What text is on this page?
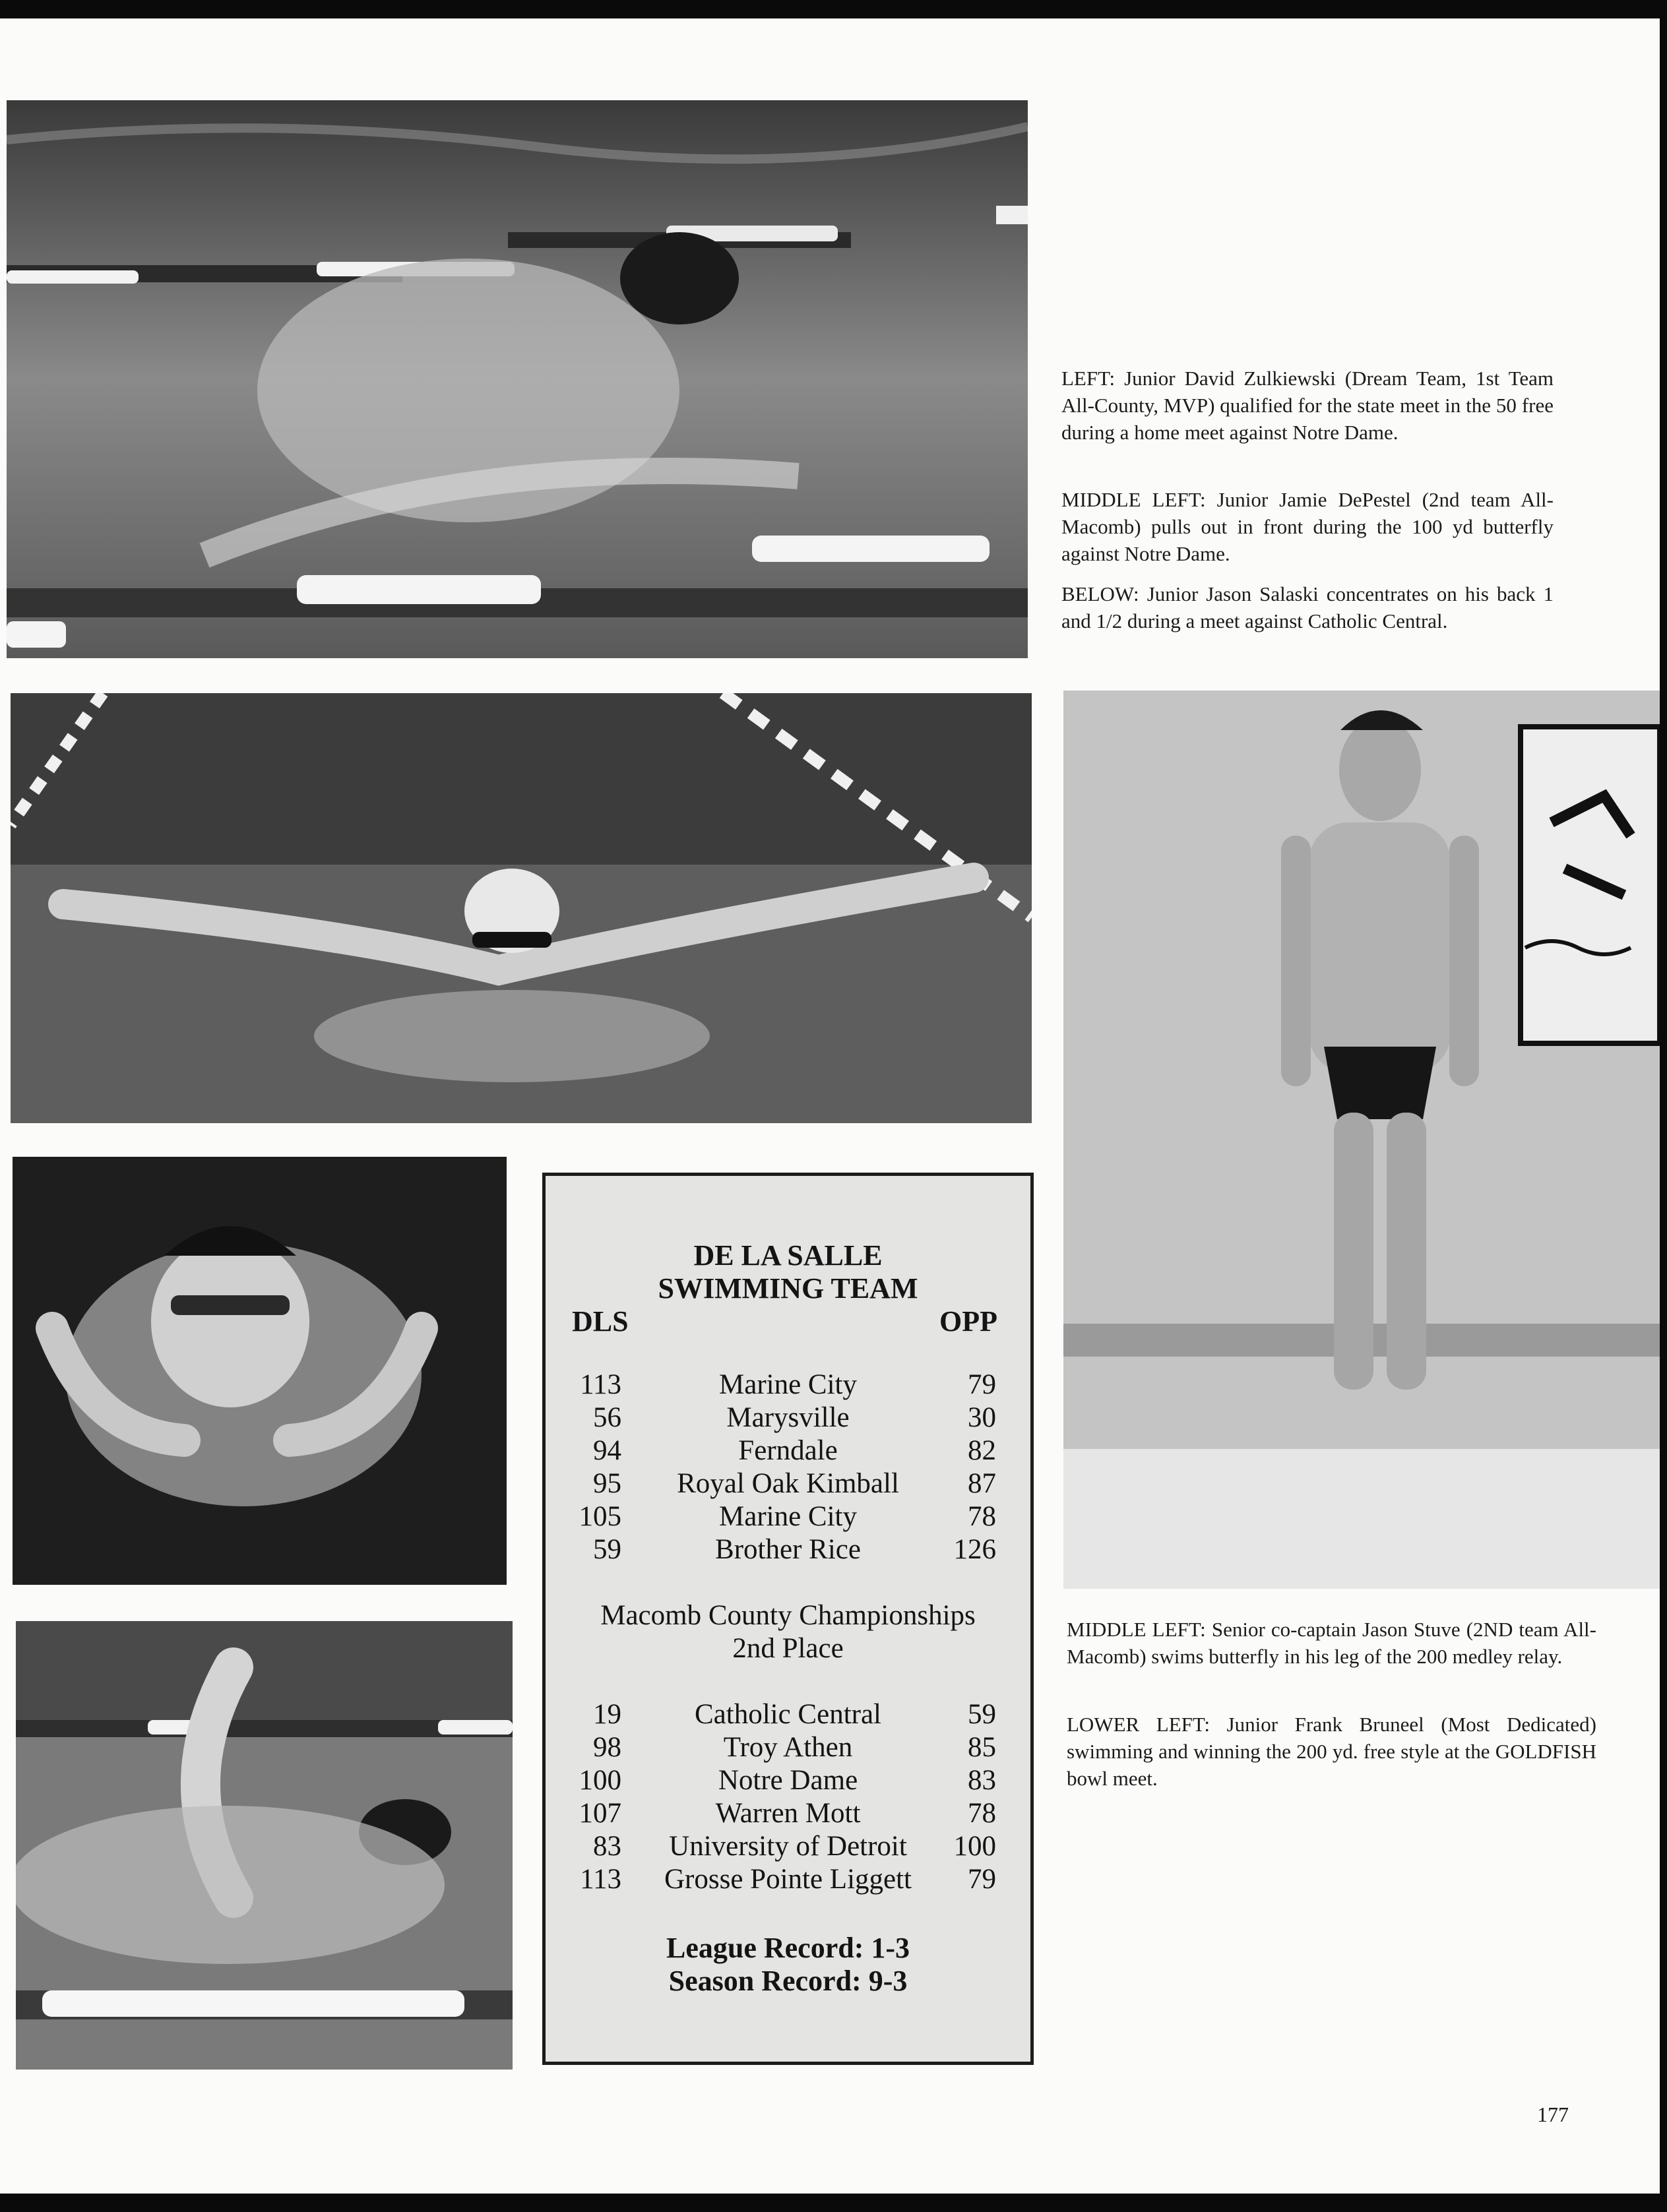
LEFT: Junior David Zulkiewski (Dream Team, 1st Team All-County, MVP) qualified for the state meet in the 50 free during a home meet against Notre Dame.

MIDDLE LEFT: Junior Jamie DePestel (2nd team All-Macomb) pulls out in front during the 100 yd butterfly against Notre Dame.

BELOW: Junior Jason Salaski concentrates on his back 1 and 1/2 during a meet against Catholic Central.

MIDDLE LEFT: Senior co-captain Jason Stuve (2ND team All-Macomb) swims butterfly in his leg of the 200 medley relay.

LOWER LEFT: Junior Frank Bruneel (Most Dedicated) swimming and winning the 200 yd. free style at the GOLDFISH bowl meet.

DE LA SALLE SWIMMING TEAM
DLS	OPP
113	Marine City	79
56	Marysville	30
94	Ferndale	82
95	Royal Oak Kimball	87
105	Marine City	78
59	Brother Rice	126
Macomb County Championships
2nd Place
19	Catholic Central	59
98	Troy Athen	85
100	Notre Dame	83
107	Warren Mott	78
83	University of Detroit	100
113	Grosse Pointe Liggett	79
League Record: 1-3
Season Record: 9-3
177
